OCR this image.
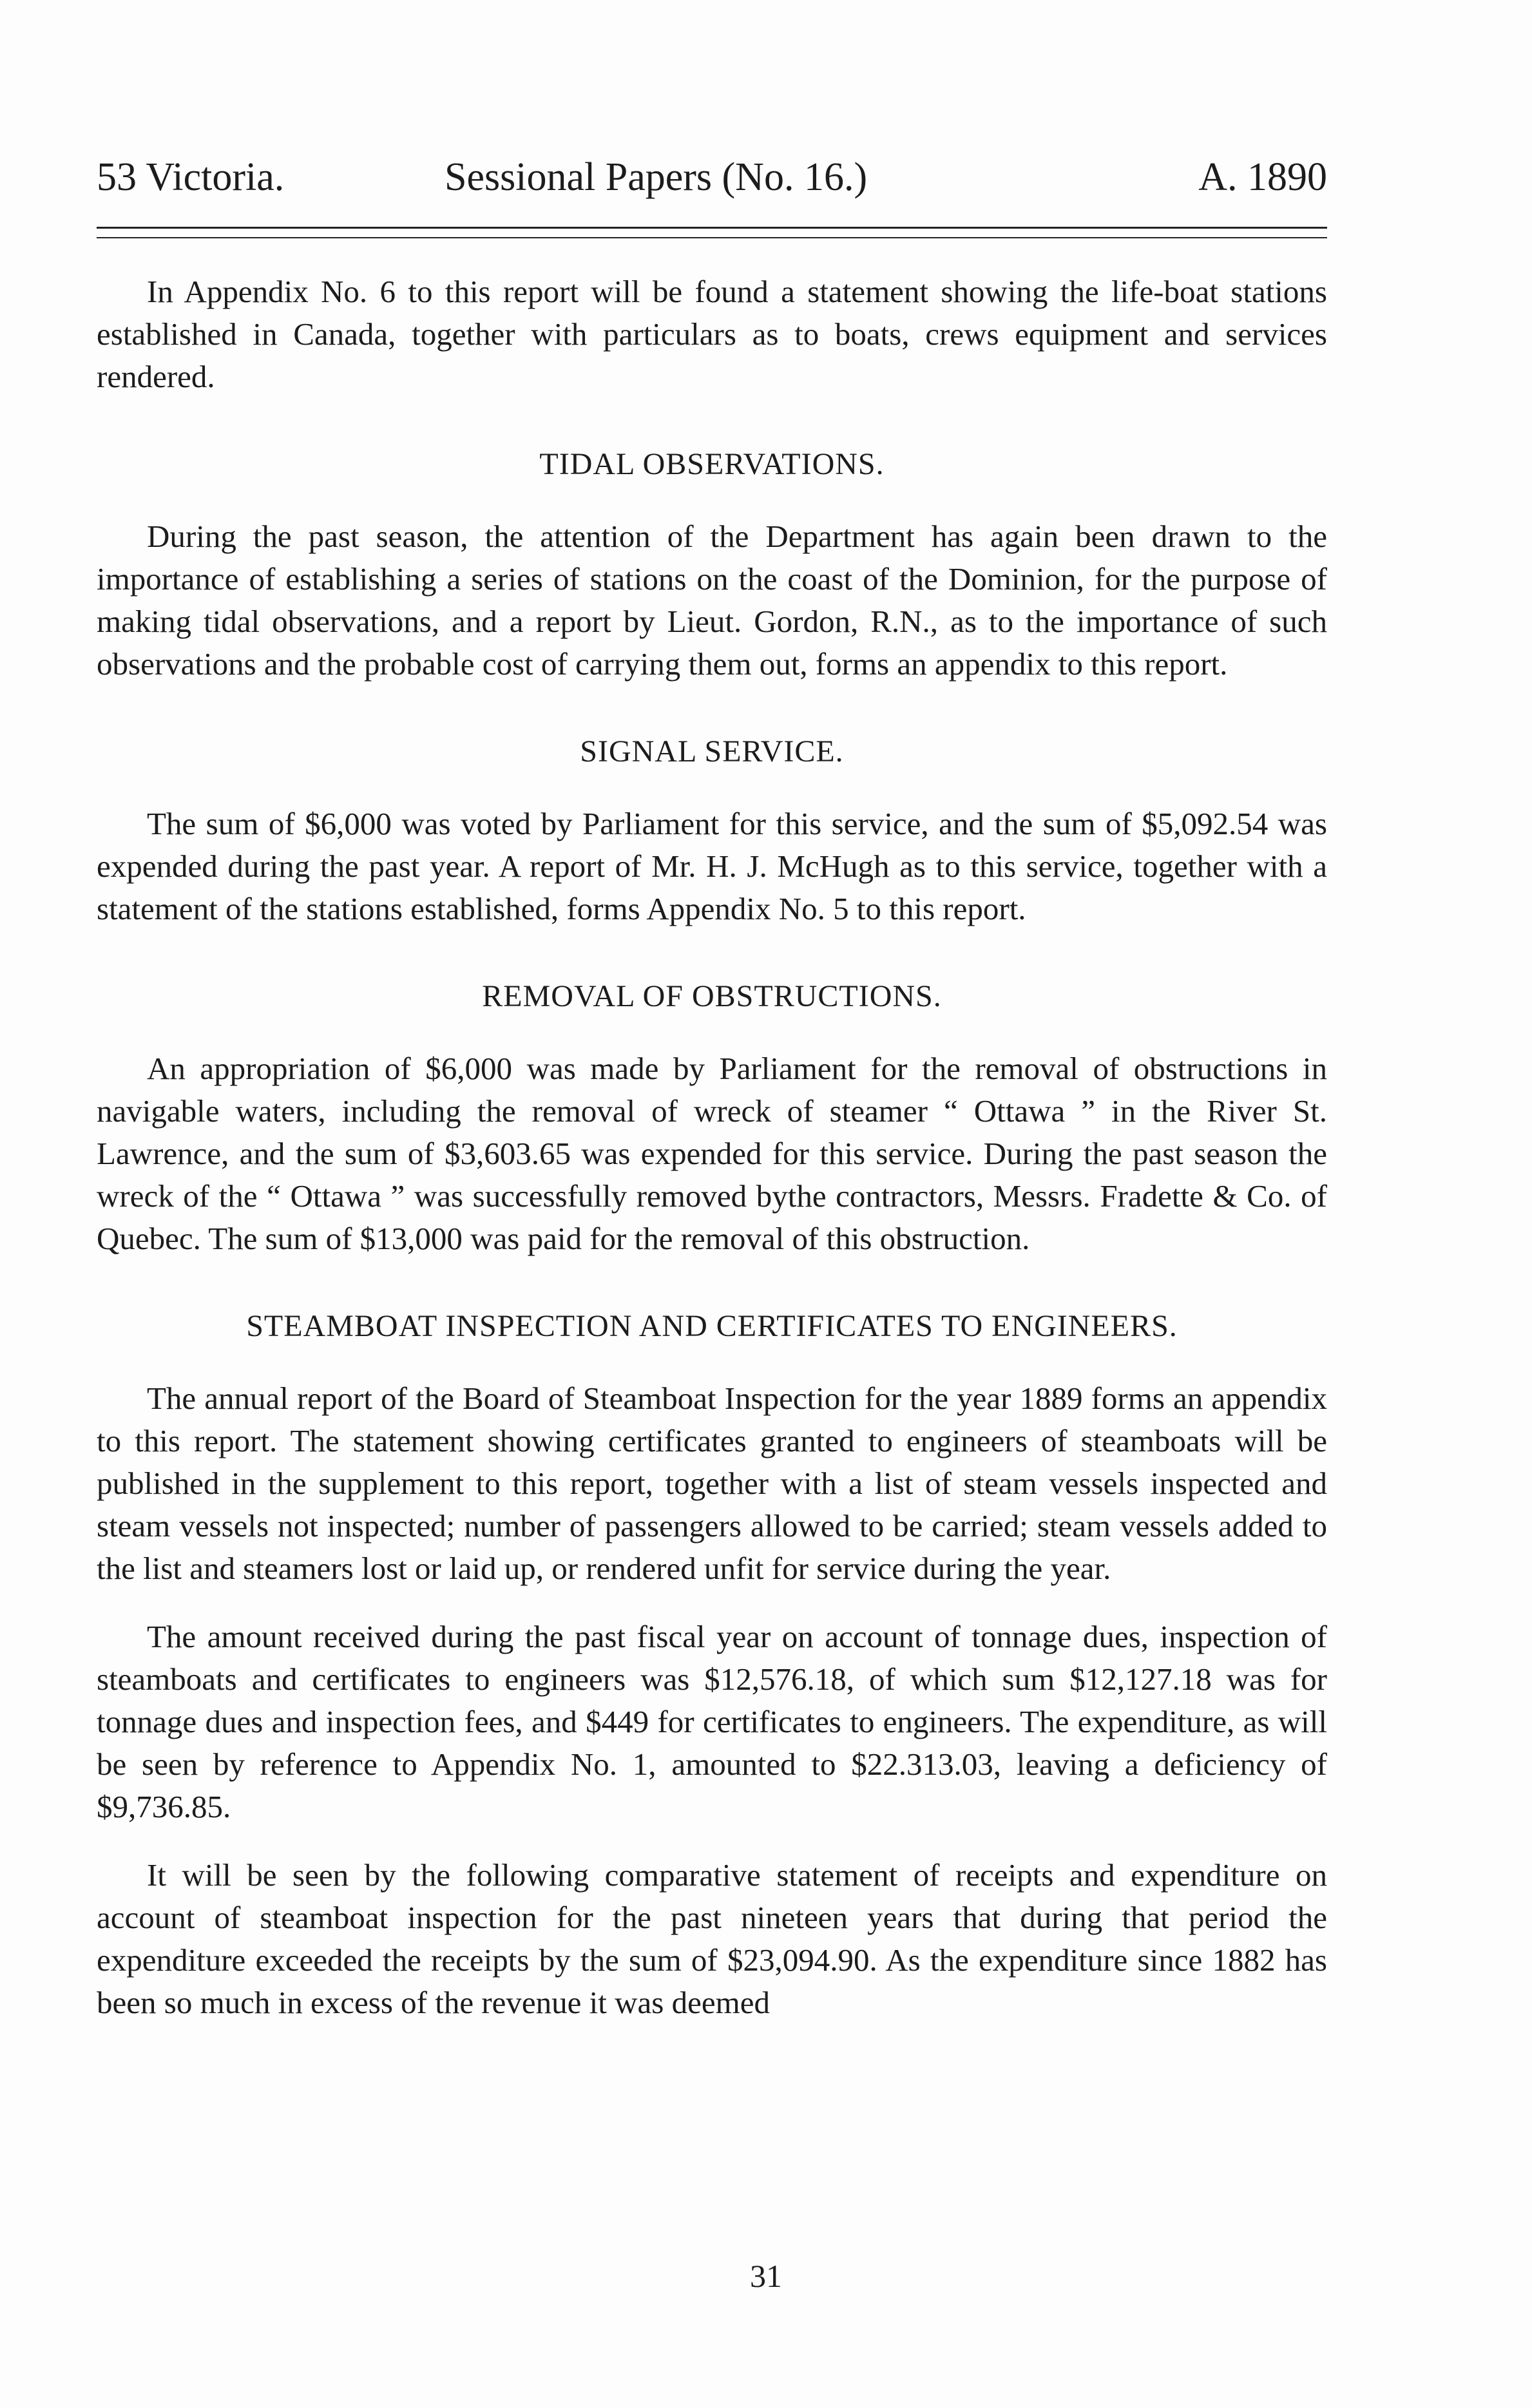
53 Victoria.	Sessional Papers (No. 16.)	A. 1890

In Appendix No. 6 to this report will be found a statement showing the life-boat stations established in Canada, together with particulars as to boats, crews equipment and services rendered.

TIDAL OBSERVATIONS.

During the past season, the attention of the Department has again been drawn to the importance of establishing a series of stations on the coast of the Dominion, for the purpose of making tidal observations, and a report by Lieut. Gordon, R.N., as to the importance of such observations and the probable cost of carrying them out, forms an appendix to this report.

SIGNAL SERVICE.

The sum of $6,000 was voted by Parliament for this service, and the sum of $5,092.54 was expended during the past year. A report of Mr. H. J. McHugh as to this service, together with a statement of the stations established, forms Appendix No. 5 to this report.

REMOVAL OF OBSTRUCTIONS.

An appropriation of $6,000 was made by Parliament for the removal of obstructions in navigable waters, including the removal of wreck of steamer “ Ottawa ” in the River St. Lawrence, and the sum of $3,603.65 was expended for this service. During the past season the wreck of the “ Ottawa ” was successfully removed bythe contractors, Messrs. Fradette & Co. of Quebec. The sum of $13,000 was paid for the removal of this obstruction.

STEAMBOAT INSPECTION AND CERTIFICATES TO ENGINEERS.

The annual report of the Board of Steamboat Inspection for the year 1889 forms an appendix to this report. The statement showing certificates granted to engineers of steamboats will be published in the supplement to this report, together with a list of steam vessels inspected and steam vessels not inspected; number of passengers allowed to be carried; steam vessels added to the list and steamers lost or laid up, or rendered unfit for service during the year.

The amount received during the past fiscal year on account of tonnage dues, inspection of steamboats and certificates to engineers was $12,576.18, of which sum $12,127.18 was for tonnage dues and inspection fees, and $449 for certificates to engineers. The expenditure, as will be seen by reference to Appendix No. 1, amounted to $22.313.03, leaving a deficiency of $9,736.85.

It will be seen by the following comparative statement of receipts and expenditure on account of steamboat inspection for the past nineteen years that during that period the expenditure exceeded the receipts by the sum of $23,094.90. As the expenditure since 1882 has been so much in excess of the revenue it was deemed

31
